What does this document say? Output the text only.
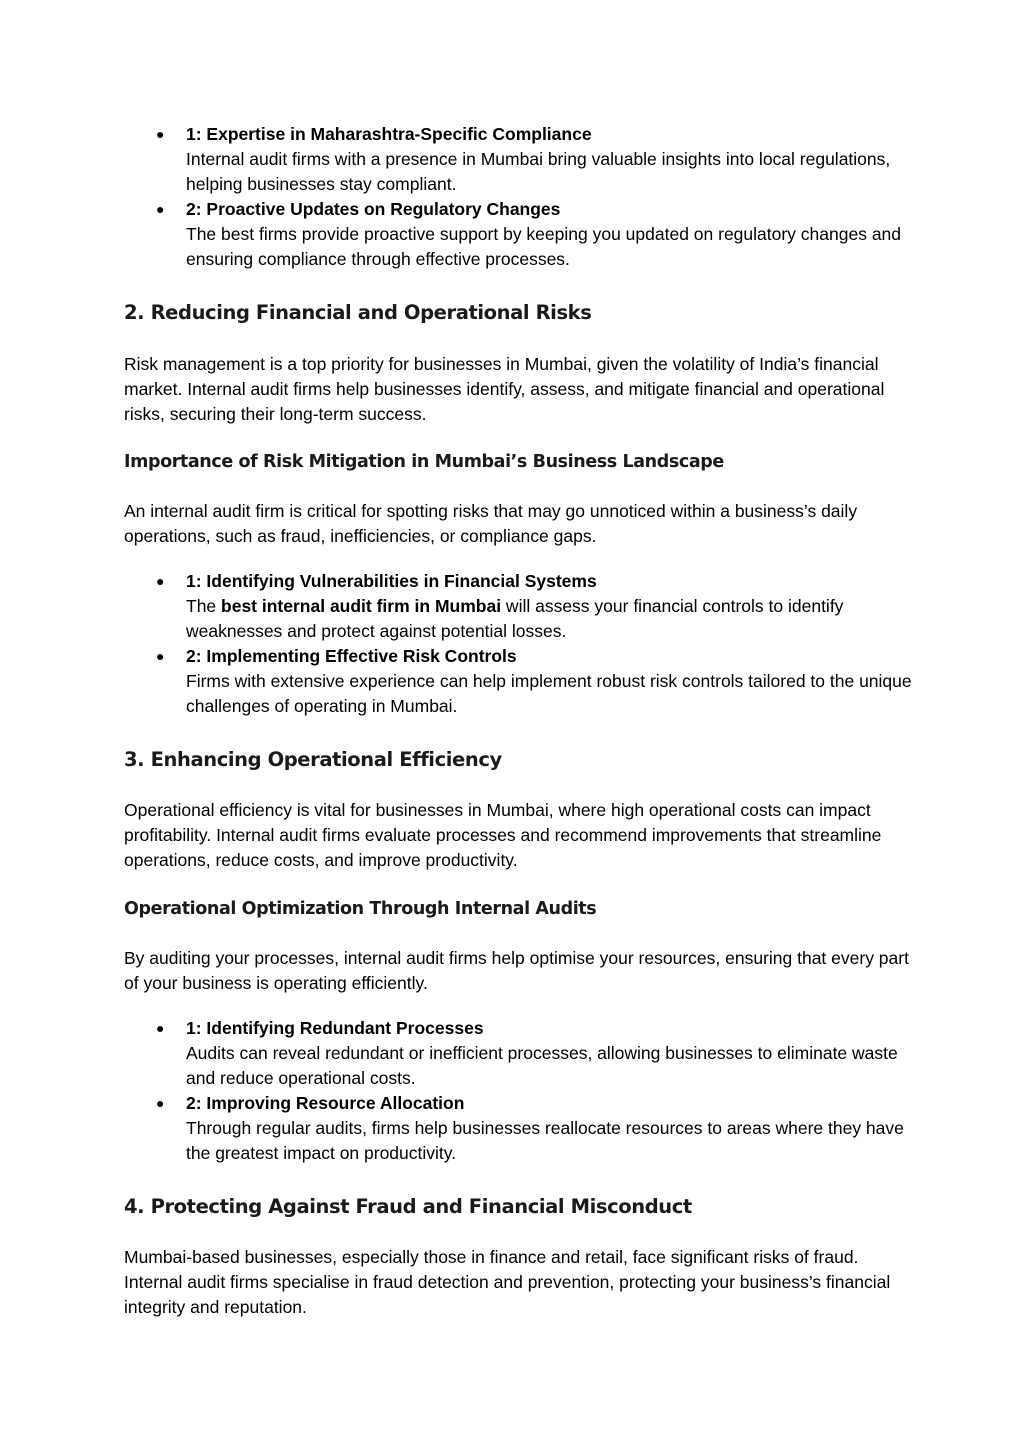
● 1: Expertise in Maharashtra-Specific Compliance
Internal audit firms with a presence in Mumbai bring valuable insights into local regulations, helping businesses stay compliant.
● 2: Proactive Updates on Regulatory Changes
The best firms provide proactive support by keeping you updated on regulatory changes and ensuring compliance through effective processes.
2. Reducing Financial and Operational Risks

Risk management is a top priority for businesses in Mumbai, given the volatility of India’s financial market. Internal audit firms help businesses identify, assess, and mitigate financial and operational risks, securing their long-term success.

Importance of Risk Mitigation in Mumbai’s Business Landscape

An internal audit firm is critical for spotting risks that may go unnoticed within a business’s daily operations, such as fraud, inefficiencies, or compliance gaps.

● 1: Identifying Vulnerabilities in Financial Systems
The best internal audit firm in Mumbai will assess your financial controls to identify weaknesses and protect against potential losses.
● 2: Implementing Effective Risk Controls
Firms with extensive experience can help implement robust risk controls tailored to the unique challenges of operating in Mumbai.
3. Enhancing Operational Efficiency

Operational efficiency is vital for businesses in Mumbai, where high operational costs can impact profitability. Internal audit firms evaluate processes and recommend improvements that streamline operations, reduce costs, and improve productivity.

Operational Optimization Through Internal Audits

By auditing your processes, internal audit firms help optimise your resources, ensuring that every part of your business is operating efficiently.

● 1: Identifying Redundant Processes
Audits can reveal redundant or inefficient processes, allowing businesses to eliminate waste and reduce operational costs.
● 2: Improving Resource Allocation
Through regular audits, firms help businesses reallocate resources to areas where they have the greatest impact on productivity.
4. Protecting Against Fraud and Financial Misconduct

Mumbai-based businesses, especially those in finance and retail, face significant risks of fraud. Internal audit firms specialise in fraud detection and prevention, protecting your business’s financial integrity and reputation.
